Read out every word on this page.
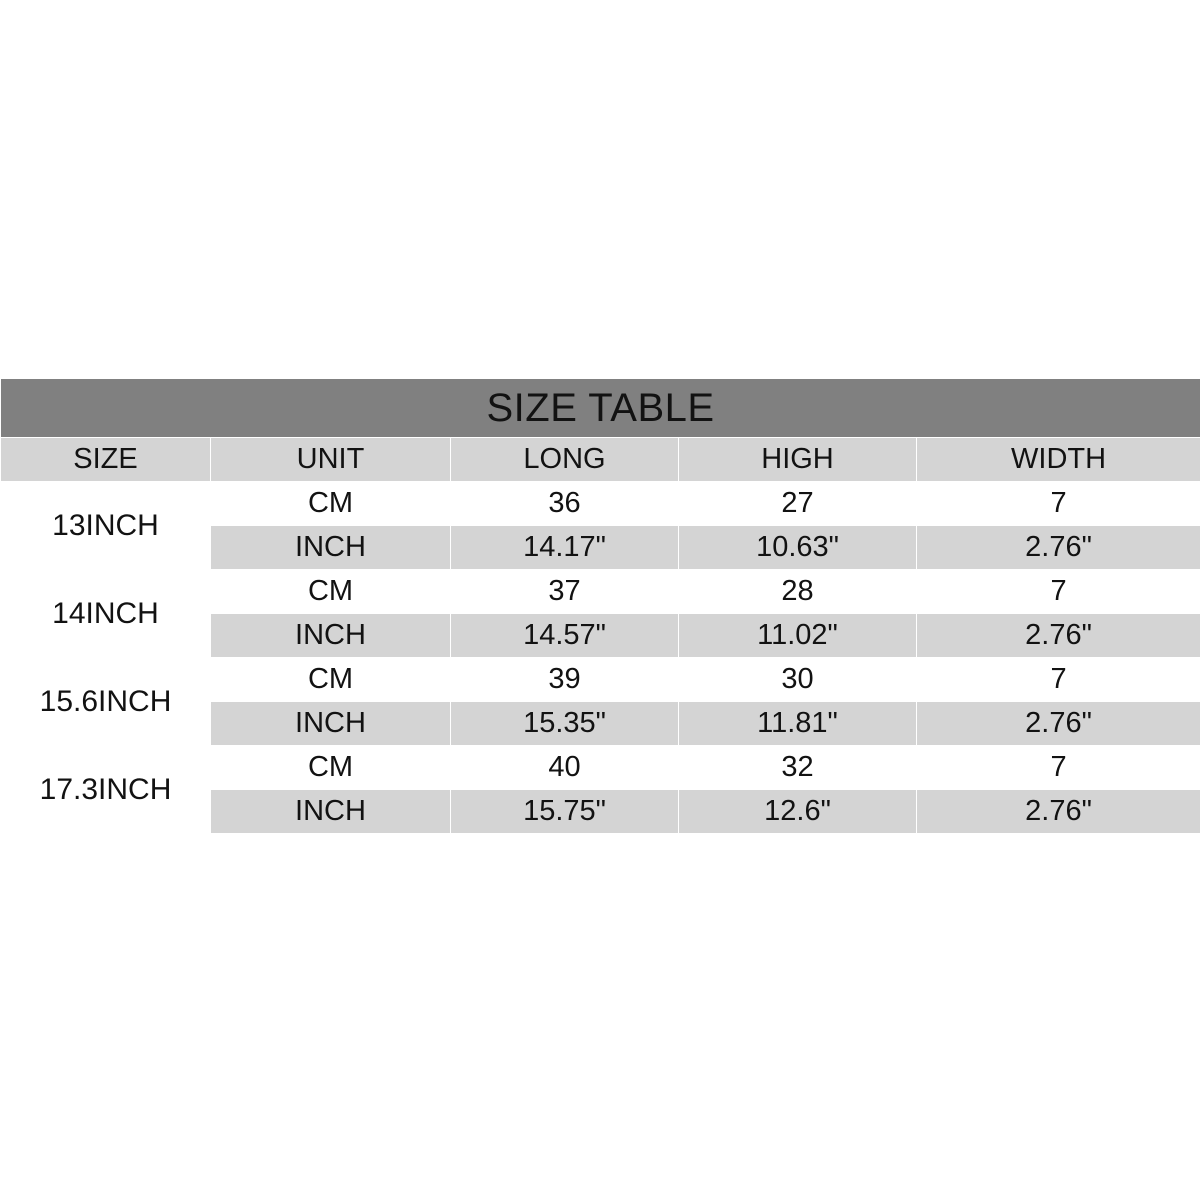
SIZE TABLE				
SIZE	UNIT	LONG	HIGH	WIDTH
13INCH	CM	36	27	7
	INCH	14.17"	10.63"	2.76"
14INCH	CM	37	28	7
	INCH	14.57"	11.02"	2.76"
15.6INCH	CM	39	30	7
	INCH	15.35"	11.81"	2.76"
17.3INCH	CM	40	32	7
	INCH	15.75"	12.6"	2.76"
